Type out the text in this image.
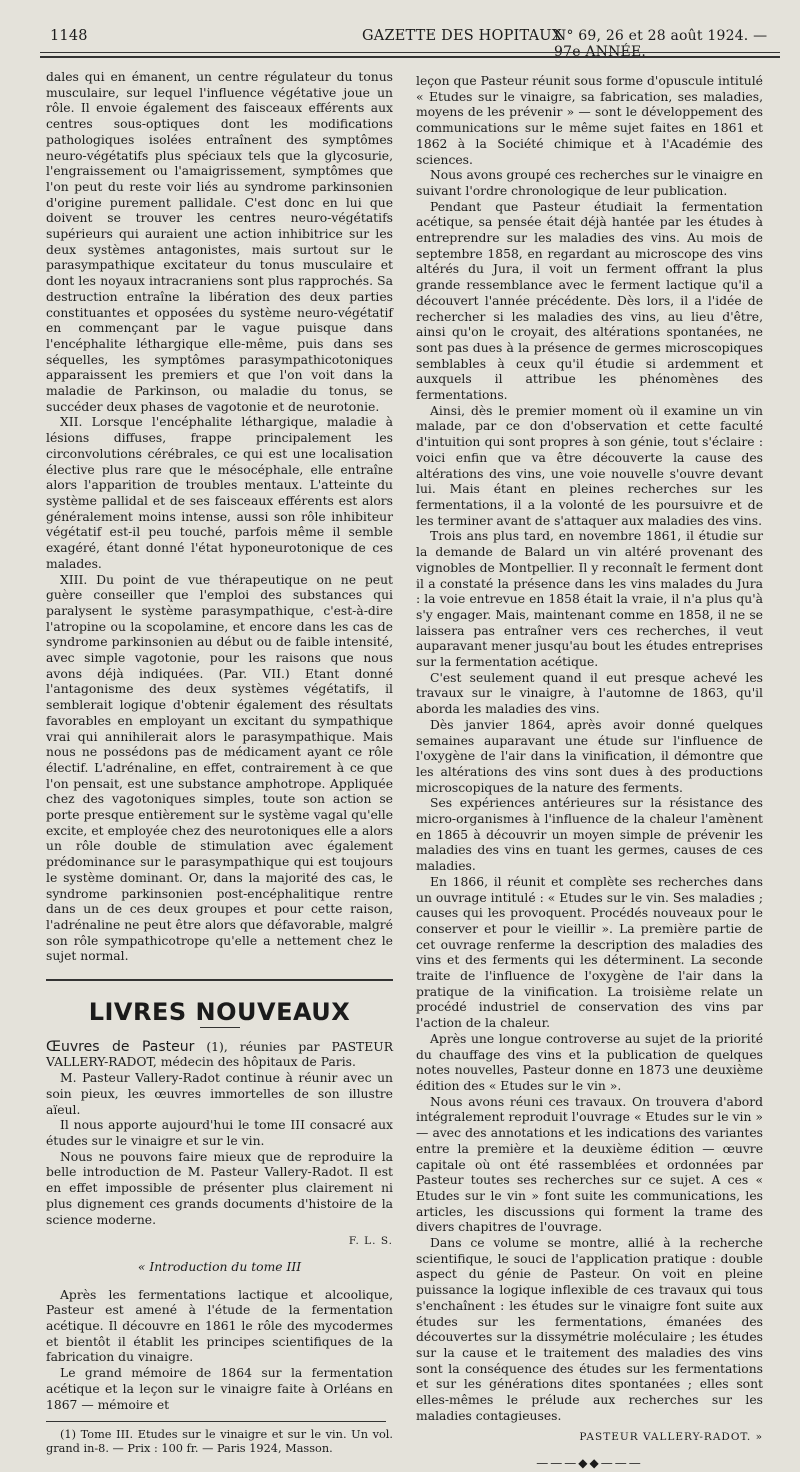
1148	GAZETTE DES HOPITAUX
N° 69, 26 et 28 août 1924. — 97e ANNÉE.

dales qui en émanent, un centre régulateur du tonus musculaire, sur lequel l'influence végétative joue un rôle. Il envoie également des faisceaux efférents aux centres sous-optiques dont les modifications pathologiques isolées entraînent des symptômes neuro-végétatifs plus spéciaux tels que la glycosurie, l'engraissement ou l'amaigrissement, symptômes que l'on peut du reste voir liés au syndrome parkinsonien d'origine purement pallidale. C'est donc en lui que doivent se trouver les centres neuro-végétatifs supérieurs qui auraient une action inhibitrice sur les deux systèmes antagonistes, mais surtout sur le parasympathique excitateur du tonus musculaire et dont les noyaux intracraniens sont plus rapprochés. Sa destruction entraîne la libération des deux parties constituantes et opposées du système neuro-végétatif en commençant par le vague puisque dans l'encéphalite léthargique elle-même, puis dans ses séquelles, les symptômes parasympathicotoniques apparaissent les premiers et que l'on voit dans la maladie de Parkinson, ou maladie du tonus, se succéder deux phases de vagotonie et de neurotonie.

XII. Lorsque l'encéphalite léthargique, maladie à lésions diffuses, frappe principalement les circonvolutions cérébrales, ce qui est une localisation élective plus rare que le mésocéphale, elle entraîne alors l'apparition de troubles mentaux. L'atteinte du système pallidal et de ses faisceaux efférents est alors généralement moins intense, aussi son rôle inhibiteur végétatif est-il peu touché, parfois même il semble exagéré, étant donné l'état hyponeurotonique de ces malades.

XIII. Du point de vue thérapeutique on ne peut guère conseiller que l'emploi des substances qui paralysent le système parasympathique, c'est-à-dire l'atropine ou la scopolamine, et encore dans les cas de syndrome parkinsonien au début ou de faible intensité, avec simple vagotonie, pour les raisons que nous avons déjà indiquées. (Par. VII.) Etant donné l'antagonisme des deux systèmes végétatifs, il semblerait logique d'obtenir également des résultats favorables en employant un excitant du sympathique vrai qui annihilerait alors le parasympathique. Mais nous ne possédons pas de médicament ayant ce rôle électif. L'adrénaline, en effet, contrairement à ce que l'on pensait, est une substance amphotrope. Appliquée chez des vagotoniques simples, toute son action se porte presque entièrement sur le système vagal qu'elle excite, et employée chez des neurotoniques elle a alors un rôle double de stimulation avec également prédominance sur le parasympathique qui est toujours le système dominant. Or, dans la majorité des cas, le syndrome parkinsonien post-encéphalitique rentre dans un de ces deux groupes et pour cette raison, l'adrénaline ne peut être alors que défavorable, malgré son rôle sympathicotrope qu'elle a nettement chez le sujet normal.

LIVRES NOUVEAUX

Œuvres de Pasteur (1), réunies par PASTEUR VALLERY-RADOT, médecin des hôpitaux de Paris.

M. Pasteur Vallery-Radot continue à réunir avec un soin pieux, les œuvres immortelles de son illustre aïeul.

Il nous apporte aujourd'hui le tome III consacré aux études sur le vinaigre et sur le vin.

Nous ne pouvons faire mieux que de reproduire la belle introduction de M. Pasteur Vallery-Radot. Il est en effet impossible de présenter plus clairement ni plus dignement ces grands documents d'histoire de la science moderne.

F. L. S.
« Introduction du tome III

Après les fermentations lactique et alcoolique, Pasteur est amené à l'étude de la fermentation acétique. Il découvre en 1861 le rôle des mycodermes et bientôt il établit les principes scientifiques de la fabrication du vinaigre.

Le grand mémoire de 1864 sur la fermentation acétique et la leçon sur le vinaigre faite à Orléans en 1867 — mémoire et

(1) Tome III. Etudes sur le vinaigre et sur le vin. Un vol. grand in-8. — Prix : 100 fr. — Paris 1924, Masson.

leçon que Pasteur réunit sous forme d'opuscule intitulé « Etudes sur le vinaigre, sa fabrication, ses maladies, moyens de les prévenir » — sont le développement des communications sur le même sujet faites en 1861 et 1862 à la Société chimique et à l'Académie des sciences.

Nous avons groupé ces recherches sur le vinaigre en suivant l'ordre chronologique de leur publication.

Pendant que Pasteur étudiait la fermentation acétique, sa pensée était déjà hantée par les études à entreprendre sur les maladies des vins. Au mois de septembre 1858, en regardant au microscope des vins altérés du Jura, il voit un ferment offrant la plus grande ressemblance avec le ferment lactique qu'il a découvert l'année précédente. Dès lors, il a l'idée de rechercher si les maladies des vins, au lieu d'être, ainsi qu'on le croyait, des altérations spontanées, ne sont pas dues à la présence de germes microscopiques semblables à ceux qu'il étudie si ardemment et auxquels il attribue les phénomènes des fermentations.

Ainsi, dès le premier moment où il examine un vin malade, par ce don d'observation et cette faculté d'intuition qui sont propres à son génie, tout s'éclaire : voici enfin que va être découverte la cause des altérations des vins, une voie nouvelle s'ouvre devant lui. Mais étant en pleines recherches sur les fermentations, il a la volonté de les poursuivre et de les terminer avant de s'attaquer aux maladies des vins.

Trois ans plus tard, en novembre 1861, il étudie sur la demande de Balard un vin altéré provenant des vignobles de Montpellier. Il y reconnaît le ferment dont il a constaté la présence dans les vins malades du Jura : la voie entrevue en 1858 était la vraie, il n'a plus qu'à s'y engager. Mais, maintenant comme en 1858, il ne se laissera pas entraîner vers ces recherches, il veut auparavant mener jusqu'au bout les études entreprises sur la fermentation acétique.

C'est seulement quand il eut presque achevé les travaux sur le vinaigre, à l'automne de 1863, qu'il aborda les maladies des vins.

Dès janvier 1864, après avoir donné quelques semaines auparavant une étude sur l'influence de l'oxygène de l'air dans la vinification, il démontre que les altérations des vins sont dues à des productions microscopiques de la nature des ferments.

Ses expériences antérieures sur la résistance des micro-organismes à l'influence de la chaleur l'amènent en 1865 à découvrir un moyen simple de prévenir les maladies des vins en tuant les germes, causes de ces maladies.

En 1866, il réunit et complète ses recherches dans un ouvrage intitulé : « Etudes sur le vin. Ses maladies ; causes qui les provoquent. Procédés nouveaux pour le conserver et pour le vieillir ». La première partie de cet ouvrage renferme la description des maladies des vins et des ferments qui les déterminent. La seconde traite de l'influence de l'oxygène de l'air dans la pratique de la vinification. La troisième relate un procédé industriel de conservation des vins par l'action de la chaleur.

Après une longue controverse au sujet de la priorité du chauffage des vins et la publication de quelques notes nouvelles, Pasteur donne en 1873 une deuxième édition des « Etudes sur le vin ».

Nous avons réuni ces travaux. On trouvera d'abord intégralement reproduit l'ouvrage « Etudes sur le vin » — avec des annotations et les indications des variantes entre la première et la deuxième édition — œuvre capitale où ont été rassemblées et ordonnées par Pasteur toutes ses recherches sur ce sujet. A ces « Etudes sur le vin » font suite les communications, les articles, les discussions qui forment la trame des divers chapitres de l'ouvrage.

Dans ce volume se montre, allié à la recherche scientifique, le souci de l'application pratique : double aspect du génie de Pasteur. On voit en pleine puissance la logique inflexible de ces travaux qui tous s'enchaînent : les études sur le vinaigre font suite aux études sur les fermentations, émanées des découvertes sur la dissymétrie moléculaire ; les études sur la cause et le traitement des maladies des vins sont la conséquence des études sur les fermentations et sur les générations dites spontanées ; elles sont elles-mêmes le prélude aux recherches sur les maladies contagieuses.

PASTEUR VALLERY-RADOT. »
———◆◆———
